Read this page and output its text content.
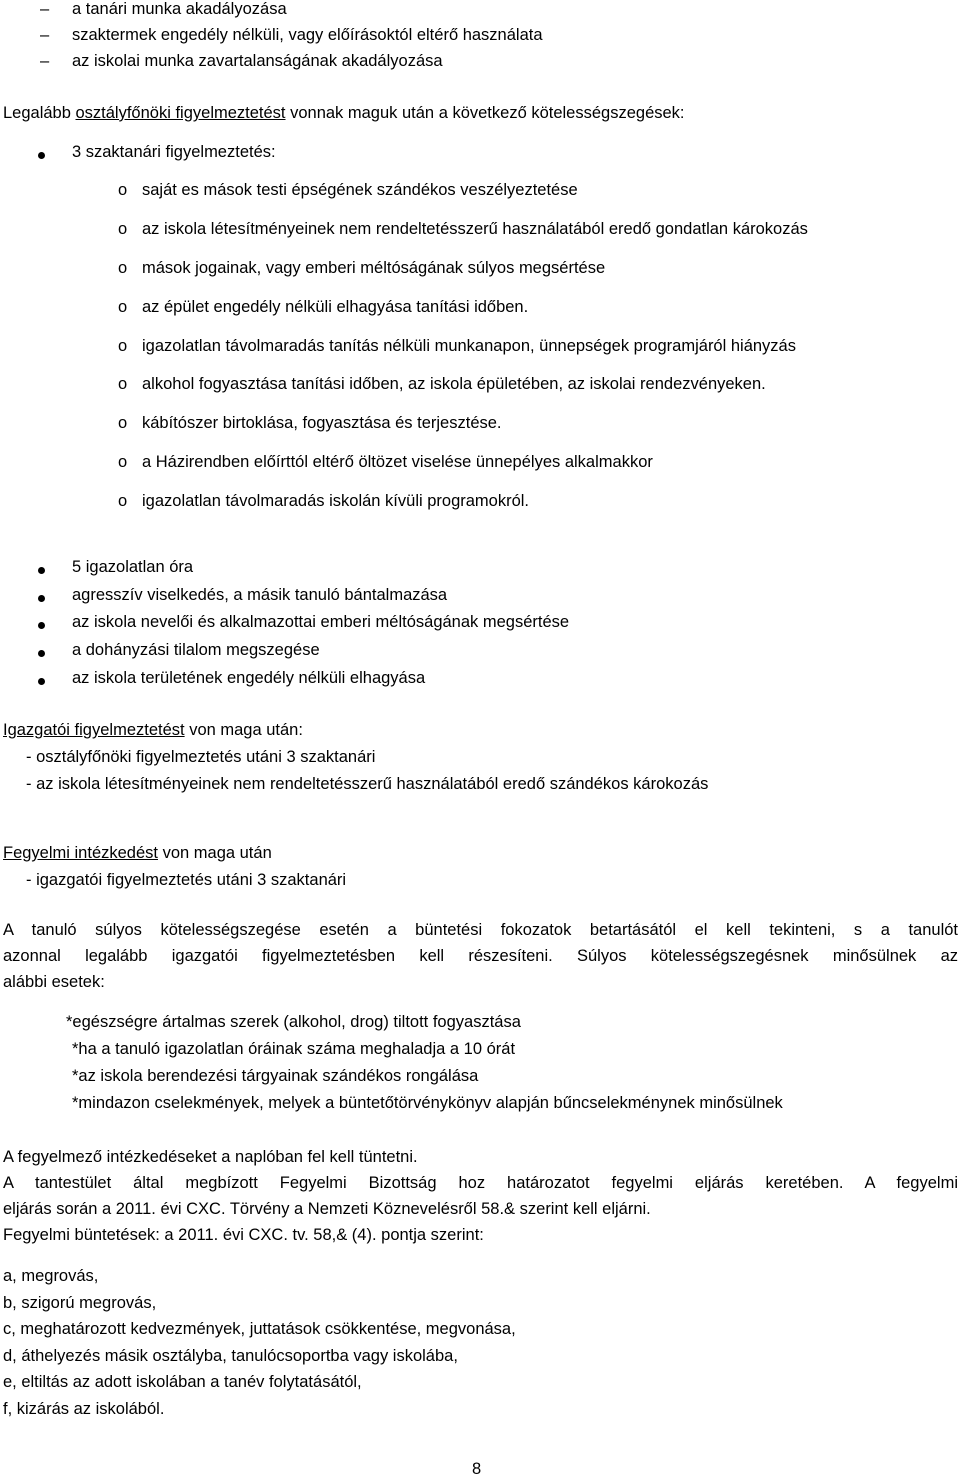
– a tanári munka akadályozása
– szaktermek engedély nélküli, vagy előírásoktól eltérő használata
– az iskolai munka zavartalanságának akadályozása
Legalább osztályfőnöki figyelmeztetést vonnak maguk után a következő kötelességszegések:
3 szaktanári figyelmeztetés:
o saját es mások testi épségének szándékos veszélyeztetése
o az iskola létesítményeinek nem rendeltetésszerű használatából eredő gondatlan károkozás
o mások jogainak, vagy emberi méltóságának súlyos megsértése
o az épület engedély nélküli elhagyása tanítási időben.
o igazolatlan távolmaradás tanítás nélküli munkanapon, ünnepségek programjáról hiányzás
o alkohol fogyasztása tanítási időben, az iskola épületében, az iskolai rendezvényeken.
o kábítószer birtoklása, fogyasztása és terjesztése.
o a Házirendben előírttól eltérő öltözet viselése ünnepélyes alkalmakkor
o igazolatlan távolmaradás iskolán kívüli programokról.
5 igazolatlan óra
agresszív viselkedés, a másik tanuló bántalmazása
az iskola nevelői és alkalmazottai emberi méltóságának megsértése
a dohányzási tilalom megszegése
az iskola területének engedély nélküli elhagyása
Igazgatói figyelmeztetést von maga után:
- osztályfőnöki figyelmeztetés utáni 3 szaktanári
- az iskola létesítményeinek nem rendeltetésszerű használatából eredő szándékos károkozás
Fegyelmi intézkedést von maga után
- igazgatói figyelmeztetés utáni 3 szaktanári
A tanuló súlyos kötelességszegése esetén a büntetési fokozatok betartásától el kell tekinteni, s a tanulót
azonnal legalább igazgatói figyelmeztetésben kell részesíteni. Súlyos kötelességszegésnek minősülnek az
alábbi esetek:
*egészségre ártalmas szerek (alkohol, drog) tiltott fogyasztása
*ha a tanuló igazolatlan óráinak száma meghaladja a 10 órát
*az iskola berendezési tárgyainak szándékos rongálása
*mindazon cselekmények, melyek a büntetőtörvénykönyv alapján bűncselekménynek minősülnek
A fegyelmező intézkedéseket a naplóban fel kell tüntetni.
A tantestület által megbízott Fegyelmi Bizottság hoz határozatot fegyelmi eljárás keretében. A fegyelmi
eljárás során a 2011. évi CXC. Törvény a Nemzeti Köznevelésről 58.& szerint kell eljárni.
Fegyelmi büntetések: a 2011. évi CXC. tv. 58,& (4). pontja szerint:
a, megrovás,
b, szigorú megrovás,
c, meghatározott kedvezmények, juttatások csökkentése, megvonása,
d, áthelyezés másik osztályba, tanulócsoportba vagy iskolába,
e, eltiltás az adott iskolában a tanév folytatásától,
f, kizárás az iskolából.
8
